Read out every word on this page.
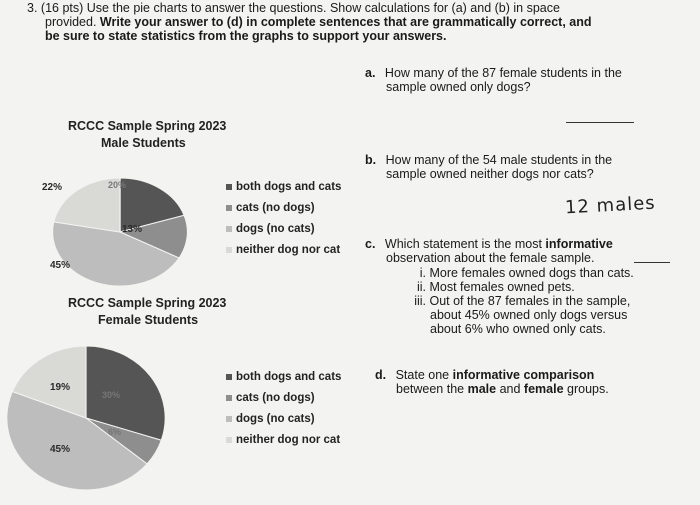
3. (16 pts) Use the pie charts to answer the questions. Show calculations for (a) and (b) in space
provided. Write your answer to (d) in complete sentences that are grammatically correct, and
be sure to state statistics from the graphs to support your answers.

RCCC Sample Spring 2023
Male Students
20%
13%
45%
22%	both dogs and cats
cats (no dogs)
dogs (no cats)
neither dog nor cat
RCCC Sample Spring 2023
Female Students
30%
6%
45%
19%
both dogs and cats
cats (no dogs)
dogs (no cats)
neither dog nor cat
a. How many of the 87 female students in the
sample owned only dogs?
b. How many of the 54 male students in the
sample owned neither dogs nor cats?
12 males
c. Which statement is the most informative
observation about the female sample.
i. More females owned dogs than cats.
ii. Most females owned pets.
iii. Out of the 87 females in the sample,
about 45% owned only dogs versus
about 6% who owned only cats.
d. State one informative comparison
between the male and female groups.
